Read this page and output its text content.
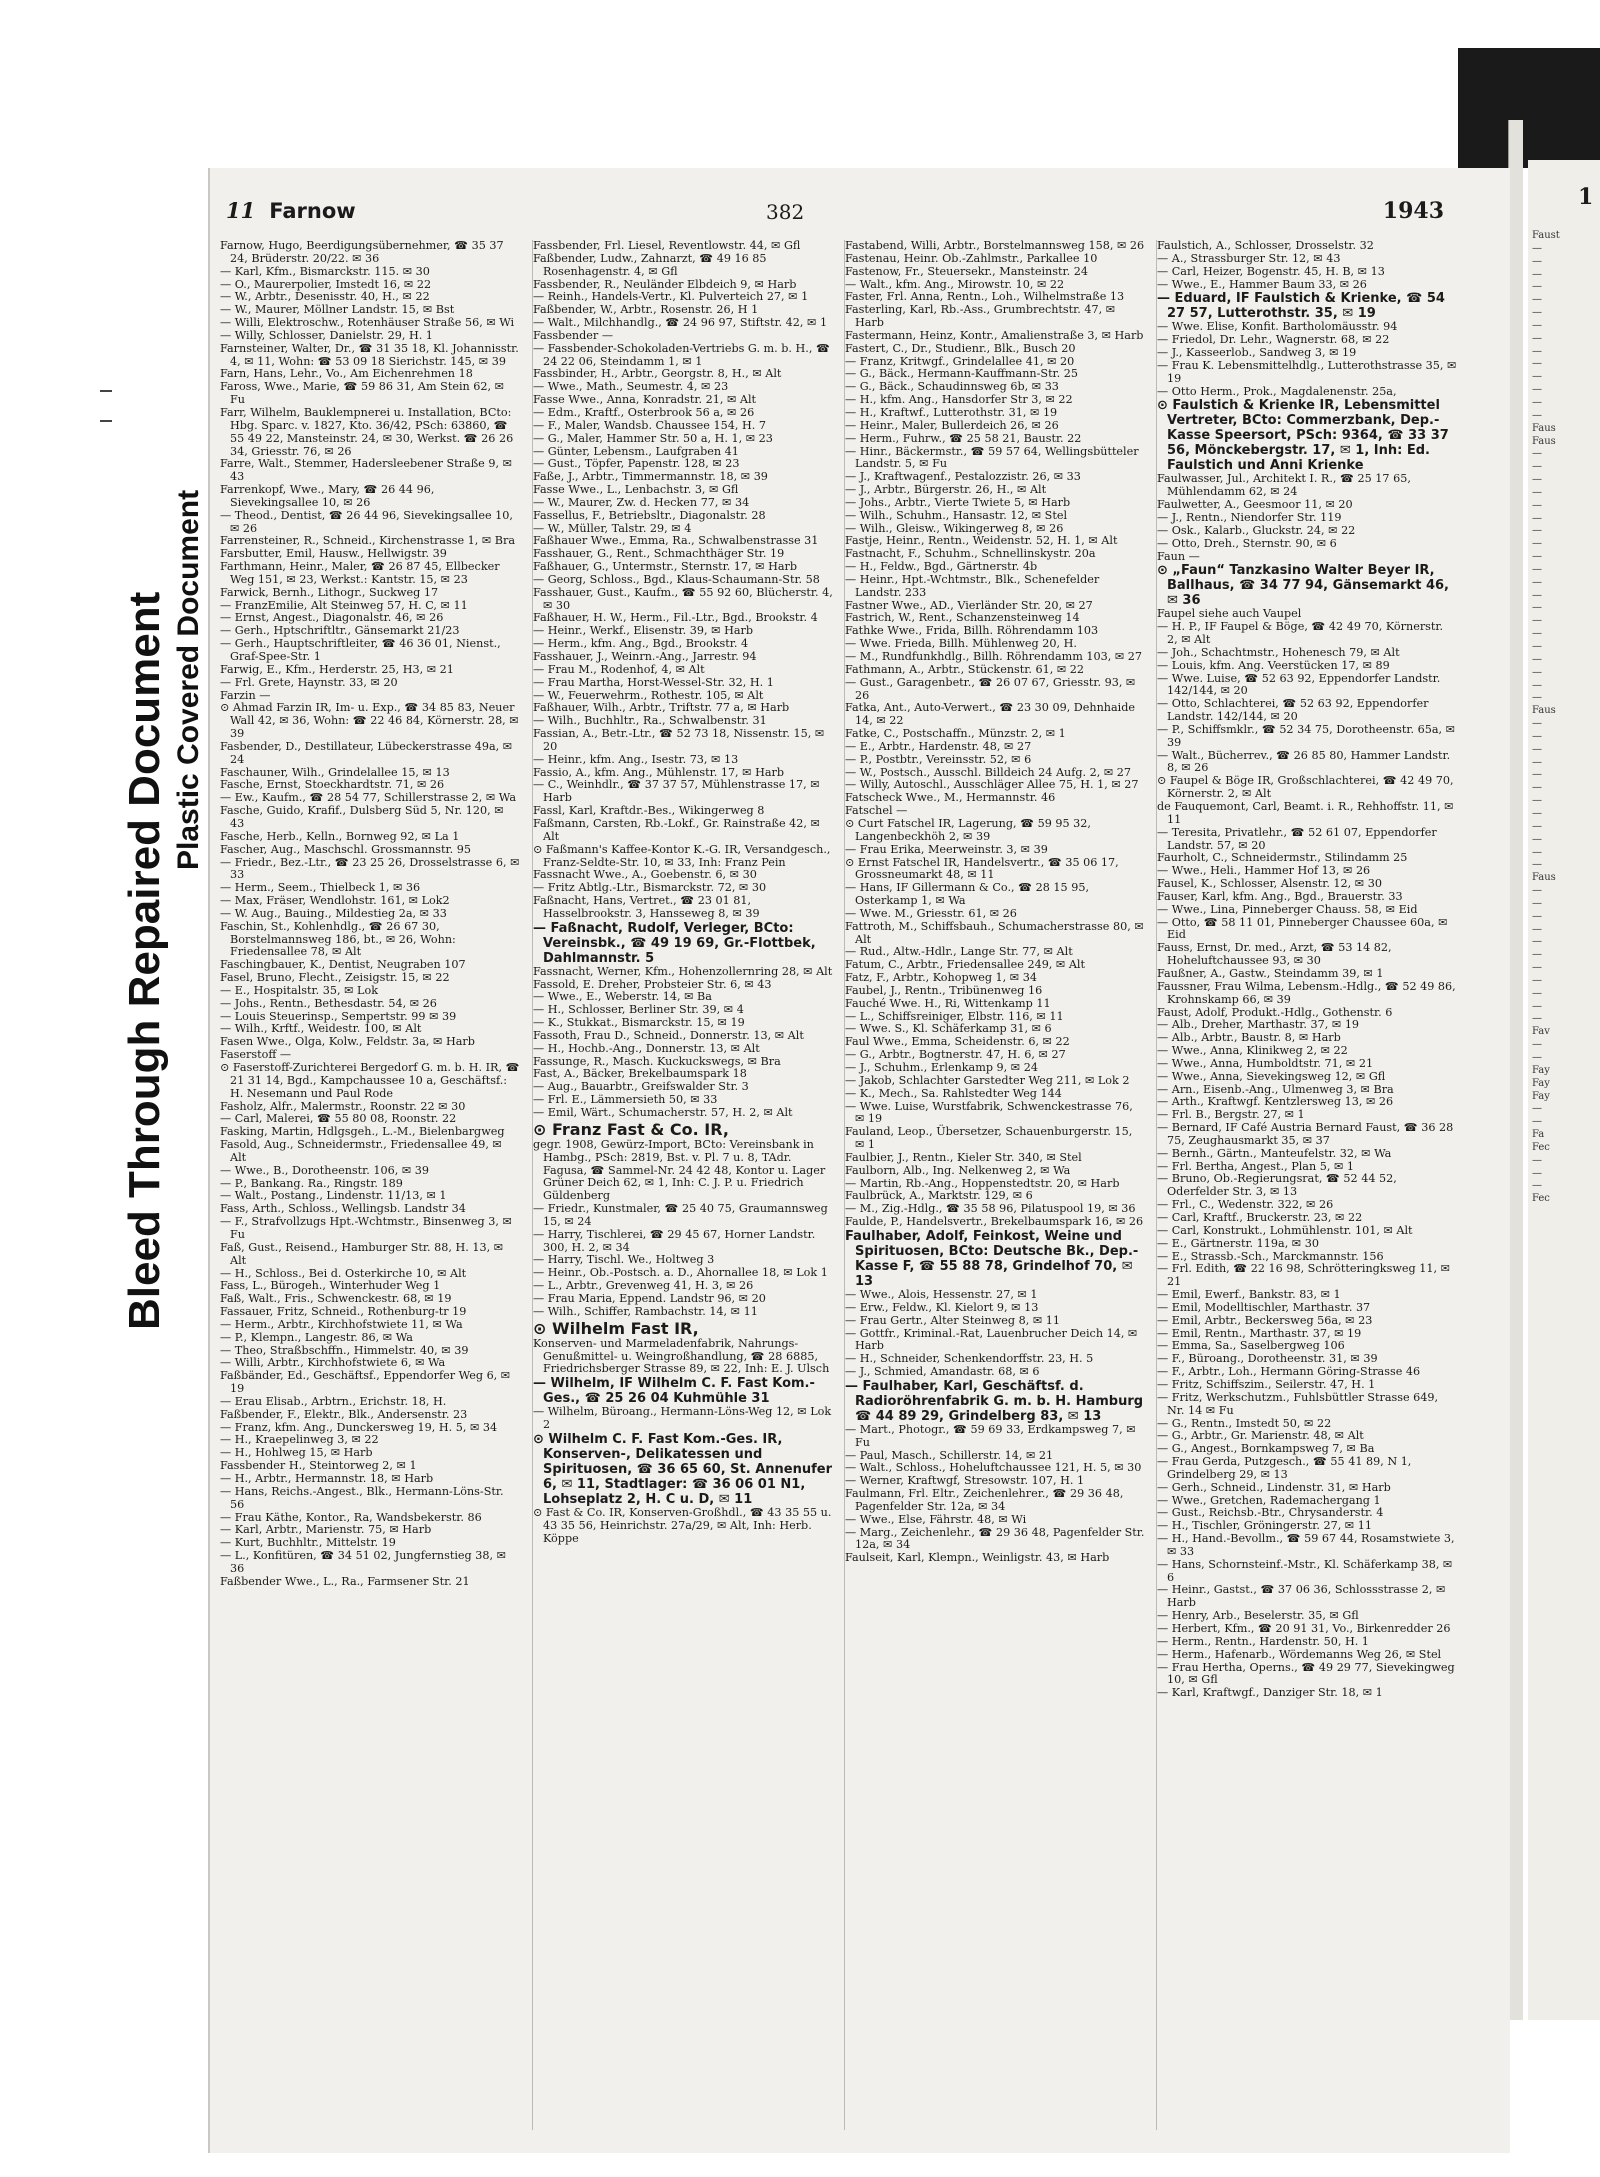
Bleed Through Repaired Document Plastic Covered Document
Faust
—
—
—
—
—
—
—
—
—
—
—
—
—
—
Faus
Faus
—
—
—
—
—
—
—
—
—
—
—
—
—
—
—
—
—
—
—
—
Faus
—
—
—
—
—
—
—
—
—
—
—
—
Faus
—
—
—
—
—
—
—
—
—
—
—
Fav
—
—
Fay
Fay
Fay
—
—
Fa
Fec
—
—
—
Fec
1
11 Farnow	382	1943

Farnow, Hugo, Beerdigungsübernehmer, ☎ 35 37 24, Brüderstr. 20/22. ✉ 36

— Karl, Kfm., Bismarckstr. 115. ✉ 30

— O., Maurerpolier, Imstedt 16, ✉ 22

— W., Arbtr., Desenisstr. 40, H., ✉ 22

— W., Maurer, Möllner Landstr. 15, ✉ Bst

— Willi, Elektroschw., Rotenhäuser Straße 56, ✉ Wi

— Willy, Schlosser, Danielstr. 29, H. 1

Farnsteiner, Walter, Dr., ☎ 31 35 18, Kl. Johannisstr. 4, ✉ 11, Wohn: ☎ 53 09 18 Sierichstr. 145, ✉ 39

Farn, Hans, Lehr., Vo., Am Eichenrehmen 18

Faross, Wwe., Marie, ☎ 59 86 31, Am Stein 62, ✉ Fu

Farr, Wilhelm, Bauklempnerei u. Installation, BCto: Hbg. Sparc. v. 1827, Kto. 36/42, PSch: 63860, ☎ 55 49 22, Mansteinstr. 24, ✉ 30, Werkst. ☎ 26 26 34, Griesstr. 76, ✉ 26

Farre, Walt., Stemmer, Hadersleebener Straße 9, ✉ 43

Farrenkopf, Wwe., Mary, ☎ 26 44 96, Sievekingsallee 10, ✉ 26

— Theod., Dentist, ☎ 26 44 96, Sievekingsallee 10, ✉ 26

Farrensteiner, R., Schneid., Kirchenstrasse 1, ✉ Bra

Farsbutter, Emil, Hausw., Hellwigstr. 39

Farthmann, Heinr., Maler, ☎ 26 87 45, Ellbecker Weg 151, ✉ 23, Werkst.: Kantstr. 15, ✉ 23

Farwick, Bernh., Lithogr., Suckweg 17

— FranzEmilie, Alt Steinweg 57, H. C, ✉ 11

— Ernst, Angest., Diagonalstr. 46, ✉ 26

— Gerh., Hptschriftltr., Gänsemarkt 21/23

— Gerh., Hauptschriftleiter, ☎ 46 36 01, Nienst., Graf-Spee-Str. 1

Farwig, E., Kfm., Herderstr. 25, H3, ✉ 21

— Frl. Grete, Haynstr. 33, ✉ 20

Farzin —

⊙ Ahmad Farzin IR, Im- u. Exp., ☎ 34 85 83, Neuer Wall 42, ✉ 36, Wohn: ☎ 22 46 84, Körnerstr. 28, ✉ 39

Fasbender, D., Destillateur, Lübeckerstrasse 49a, ✉ 24

Faschauner, Wilh., Grindelallee 15, ✉ 13

Fasche, Ernst, Stoeckhardtstr. 71, ✉ 26

— Ew., Kaufm., ☎ 28 54 77, Schillerstrasse 2, ✉ Wa

Fasche, Guido, Krafif., Dulsberg Süd 5, Nr. 120, ✉ 43

Fasche, Herb., Kelln., Bornweg 92, ✉ La 1

Fascher, Aug., Maschschl. Grossmannstr. 95

— Friedr., Bez.-Ltr., ☎ 23 25 26, Drosselstrasse 6, ✉ 33

— Herm., Seem., Thielbeck 1, ✉ 36

— Max, Fräser, Wendlohstr. 161, ✉ Lok2

— W. Aug., Bauing., Mildestieg 2a, ✉ 33

Faschin, St., Kohlenhdlg., ☎ 26 67 30, Borstelmannsweg 186, bt., ✉ 26, Wohn: Friedensallee 78, ✉ Alt

Faschingbauer, K., Dentist, Neugraben 107

Fasel, Bruno, Flecht., Zeisigstr. 15, ✉ 22

— E., Hospitalstr. 35, ✉ Lok

— Johs., Rentn., Bethesdastr. 54, ✉ 26

— Louis Steuerinsp., Sempertstr. 99 ✉ 39

— Wilh., Krftf., Weidestr. 100, ✉ Alt

Fasen Wwe., Olga, Kolw., Feldstr. 3a, ✉ Harb

Faserstoff —

⊙ Faserstoff-Zurichterei Bergedorf G. m. b. H. IR, ☎ 21 31 14, Bgd., Kampchaussee 10 a, Geschäftsf.: H. Nesemann und Paul Rode

Fasholz, Alfr., Malermstr., Roonstr. 22 ✉ 30

— Carl, Malerei, ☎ 55 80 08, Roonstr. 22

Fasking, Martin, Hdlgsgeh., L.-M., Bielenbargweg

Fasold, Aug., Schneidermstr., Friedensallee 49, ✉ Alt

— Wwe., B., Dorotheenstr. 106, ✉ 39

— P., Bankang. Ra., Ringstr. 189

— Walt., Postang., Lindenstr. 11/13, ✉ 1

Fass, Arth., Schloss., Wellingsb. Landstr 34

— F., Strafvollzugs Hpt.-Wchtmstr., Binsenweg 3, ✉ Fu

Faß, Gust., Reisend., Hamburger Str. 88, H. 13, ✉ Alt

— H., Schloss., Bei d. Osterkirche 10, ✉ Alt

Fass, L., Bürogeh., Winterhuder Weg 1

Faß, Walt., Fris., Schwenckestr. 68, ✉ 19

Fassauer, Fritz, Schneid., Rothenburg-tr 19

— Herm., Arbtr., Kirchhofstwiete 11, ✉ Wa

— P., Klempn., Langestr. 86, ✉ Wa

— Theo, Straßbschffn., Himmelstr. 40, ✉ 39

— Willi, Arbtr., Kirchhofstwiete 6, ✉ Wa

Faßbänder, Ed., Geschäftsf., Eppendorfer Weg 6, ✉ 19

— Erau Elisab., Arbtrn., Erichstr. 18, H.

Faßbender, F., Elektr., Blk., Andersenstr. 23

— Franz, kfm. Ang., Dunckersweg 19, H. 5, ✉ 34

— H., Kraepelinweg 3, ✉ 22

— H., Hohlweg 15, ✉ Harb

Fassbender H., Steintorweg 2, ✉ 1

— H., Arbtr., Hermannstr. 18, ✉ Harb

— Hans, Reichs.-Angest., Blk., Hermann-Löns-Str. 56

— Frau Käthe, Kontor., Ra, Wandsbekerstr. 86

— Karl, Arbtr., Marienstr. 75, ✉ Harb

— Kurt, Buchhltr., Mittelstr. 19

— L., Konfitüren, ☎ 34 51 02, Jungfernstieg 38, ✉ 36

Faßbender Wwe., L., Ra., Farmsener Str. 21

Fassbender, Frl. Liesel, Reventlowstr. 44, ✉ Gfl

Faßbender, Ludw., Zahnarzt, ☎ 49 16 85 Rosenhagenstr. 4, ✉ Gfl

Fassbender, R., Neuländer Elbdeich 9, ✉ Harb

— Reinh., Handels-Vertr., Kl. Pulverteich 27, ✉ 1

Faßbender, W., Arbtr., Rosenstr. 26, H 1

— Walt., Milchhandlg., ☎ 24 96 97, Stiftstr. 42, ✉ 1

Fassbender —

— Fassbender-Schokoladen-Vertriebs G. m. b. H., ☎ 24 22 06, Steindamm 1, ✉ 1

Fassbinder, H., Arbtr., Georgstr. 8, H., ✉ Alt

— Wwe., Math., Seumestr. 4, ✉ 23

Fasse Wwe., Anna, Konradstr. 21, ✉ Alt

— Edm., Kraftf., Osterbrook 56 a, ✉ 26

— F., Maler, Wandsb. Chaussee 154, H. 7

— G., Maler, Hammer Str. 50 a, H. 1, ✉ 23

— Günter, Lebensm., Laufgraben 41

— Gust., Töpfer, Papenstr. 128, ✉ 23

Faße, J., Arbtr., Timmermannstr. 18, ✉ 39

Fasse Wwe., L., Lenbachstr. 3, ✉ Gfl

— W., Maurer, Zw. d. Hecken 77, ✉ 34

Fassellus, F., Betriebsltr., Diagonalstr. 28

— W., Müller, Talstr. 29, ✉ 4

Faßhauer Wwe., Emma, Ra., Schwalbenstrasse 31

Fasshauer, G., Rent., Schmachthäger Str. 19

Faßhauer, G., Untermstr., Sternstr. 17, ✉ Harb

— Georg, Schloss., Bgd., Klaus-Schaumann-Str. 58

Fasshauer, Gust., Kaufm., ☎ 55 92 60, Blücherstr. 4, ✉ 30

Faßhauer, H. W., Herm., Fil.-Ltr., Bgd., Brookstr. 4

— Heinr., Werkf., Elisenstr. 39, ✉ Harb

— Herm., kfm. Ang., Bgd., Brookstr. 4

Fasshauer, J., Weinrn.-Ang., Jarrestr. 94

— Frau M., Rodenhof, 4, ✉ Alt

— Frau Martha, Horst-Wessel-Str. 32, H. 1

— W., Feuerwehrm., Rothestr. 105, ✉ Alt

Faßhauer, Wilh., Arbtr., Triftstr. 77 a, ✉ Harb

— Wilh., Buchhltr., Ra., Schwalbenstr. 31

Fassian, A., Betr.-Ltr., ☎ 52 73 18, Nissenstr. 15, ✉ 20

— Heinr., kfm. Ang., Isestr. 73, ✉ 13

Fassio, A., kfm. Ang., Mühlenstr. 17, ✉ Harb

— C., Weinhdlr., ☎ 37 37 57, Mühlenstrasse 17, ✉ Harb

Fassl, Karl, Kraftdr.-Bes., Wikingerweg 8

Faßmann, Carsten, Rb.-Lokf., Gr. Rainstraße 42, ✉ Alt

⊙ Faßmann's Kaffee-Kontor K.-G. IR, Versandgesch., Franz-Seldte-Str. 10, ✉ 33, Inh: Franz Pein

Fassnacht Wwe., A., Goebenstr. 6, ✉ 30

— Fritz Abtlg.-Ltr., Bismarckstr. 72, ✉ 30

Faßnacht, Hans, Vertret., ☎ 23 01 81, Hasselbrookstr. 3, Hansseweg 8, ✉ 39

— Faßnacht, Rudolf, Verleger, BCto: Vereinsbk., ☎ 49 19 69, Gr.-Flottbek, Dahlmannstr. 5

Fassnacht, Werner, Kfm., Hohenzollernring 28, ✉ Alt

Fassold, E. Dreher, Probsteier Str. 6, ✉ 43

— Wwe., E., Weberstr. 14, ✉ Ba

— H., Schlosser, Berliner Str. 39, ✉ 4

— K., Stukkat., Bismarckstr. 15, ✉ 19

Fassoth, Frau D., Schneid., Donnerstr. 13, ✉ Alt

— H., Hochb.-Ang., Donnerstr. 13, ✉ Alt

Fassunge, R., Masch. Kuckuckswegs, ✉ Bra

Fast, A., Bäcker, Brekelbaumspark 18

— Aug., Bauarbtr., Greifswalder Str. 3

— Frl. E., Lämmersieth 50, ✉ 33

— Emil, Wärt., Schumacherstr. 57, H. 2, ✉ Alt

⊙ Franz Fast & Co. IR,

gegr. 1908, Gewürz-Import, BCto: Vereinsbank in Hambg., PSch: 2819, Bst. v. Pl. 7 u. 8, TAdr. Fagusa, ☎ Sammel-Nr. 24 42 48, Kontor u. Lager Grüner Deich 62, ✉ 1, Inh: C. J. P. u. Friedrich Güldenberg

— Friedr., Kunstmaler, ☎ 25 40 75, Graumannsweg 15, ✉ 24

— Harry, Tischlerei, ☎ 29 45 67, Horner Landstr. 300, H. 2, ✉ 34

— Harry, Tischl. We., Holtweg 3

— Heinr., Ob.-Postsch. a. D., Ahornallee 18, ✉ Lok 1

— L., Arbtr., Grevenweg 41, H. 3, ✉ 26

— Frau Maria, Eppend. Landstr 96, ✉ 20

— Wilh., Schiffer, Rambachstr. 14, ✉ 11

⊙ Wilhelm Fast IR,

Konserven- und Marmeladenfabrik, Nahrungs-Genußmittel- u. Weingroßhandlung, ☎ 28 6885, Friedrichsberger Strasse 89, ✉ 22, Inh: E. J. Ulsch

— Wilhelm, IF Wilhelm C. F. Fast Kom.-Ges., ☎ 25 26 04 Kuhmühle 31

— Wilhelm, Büroang., Hermann-Löns-Weg 12, ✉ Lok 2

⊙ Wilhelm C. F. Fast Kom.-Ges. IR, Konserven-, Delikatessen und Spirituosen, ☎ 36 65 60, St. Annenufer 6, ✉ 11, Stadtlager: ☎ 36 06 01 N1, Lohseplatz 2, H. C u. D, ✉ 11

⊙ Fast & Co. IR, Konserven-Großhdl., ☎ 43 35 55 u. 43 35 56, Heinrichstr. 27a/29, ✉ Alt, Inh: Herb. Köppe

Fastabend, Willi, Arbtr., Borstelmannsweg 158, ✉ 26

Fastenau, Heinr. Ob.-Zahlmstr., Parkallee 10

Fastenow, Fr., Steuersekr., Mansteinstr. 24

— Walt., kfm. Ang., Mirowstr. 10, ✉ 22

Faster, Frl. Anna, Rentn., Loh., Wilhelmstraße 13

Fasterling, Karl, Rb.-Ass., Grumbrechtstr. 47, ✉ Harb

Fastermann, Heinz, Kontr., Amalienstraße 3, ✉ Harb

Fastert, C., Dr., Studienr., Blk., Busch 20

— Franz, Kritwgf., Grindelallee 41, ✉ 20

— G., Bäck., Hermann-Kauffmann-Str. 25

— G., Bäck., Schaudinnsweg 6b, ✉ 33

— H., kfm. Ang., Hansdorfer Str 3, ✉ 22

— H., Kraftwf., Lutterothstr. 31, ✉ 19

— Heinr., Maler, Bullerdeich 26, ✉ 26

— Herm., Fuhrw., ☎ 25 58 21, Baustr. 22

— Hinr., Bäckermstr., ☎ 59 57 64, Wellingsbütteler Landstr. 5, ✉ Fu

— J., Kraftwagenf., Pestalozzistr. 26, ✉ 33

— J., Arbtr., Bürgerstr. 26, H., ✉ Alt

— Johs., Arbtr., Vierte Twiete 5, ✉ Harb

— Wilh., Schuhm., Hansastr. 12, ✉ Stel

— Wilh., Gleisw., Wikingerweg 8, ✉ 26

Fastje, Heinr., Rentn., Weidenstr. 52, H. 1, ✉ Alt

Fastnacht, F., Schuhm., Schnellinskystr. 20a

— H., Feldw., Bgd., Gärtnerstr. 4b

— Heinr., Hpt.-Wchtmstr., Blk., Schenefelder Landstr. 233

Fastner Wwe., AD., Vierländer Str. 20, ✉ 27

Fastrich, W., Rent., Schanzensteinweg 14

Fathke Wwe., Frida, Billh. Röhrendamm 103

— Wwe. Frieda, Billh. Mühlenweg 20, H.

— M., Rundfunkhdlg., Billh. Röhrendamm 103, ✉ 27

Fathmann, A., Arbtr., Stückenstr. 61, ✉ 22

— Gust., Garagenbetr., ☎ 26 07 67, Griesstr. 93, ✉ 26

Fatka, Ant., Auto-Verwert., ☎ 23 30 09, Dehnhaide 14, ✉ 22

Fatke, C., Postschaffn., Münzstr. 2, ✉ 1

— E., Arbtr., Hardenstr. 48, ✉ 27

— P., Postbtr., Vereinsstr. 52, ✉ 6

— W., Postsch., Ausschl. Billdeich 24 Aufg. 2, ✉ 27

— Willy, Autoschl., Ausschläger Allee 75, H. 1, ✉ 27

Fatscheck Wwe., M., Hermannstr. 46

Fatschel —

⊙ Curt Fatschel IR, Lagerung, ☎ 59 95 32, Langenbeckhöh 2, ✉ 39

— Frau Erika, Meerweinstr. 3, ✉ 39

⊙ Ernst Fatschel IR, Handelsvertr., ☎ 35 06 17, Grossneumarkt 48, ✉ 11

— Hans, IF Gillermann & Co., ☎ 28 15 95, Osterkamp 1, ✉ Wa

— Wwe. M., Griesstr. 61, ✉ 26

Fattroth, M., Schiffsbauh., Schumacherstrasse 80, ✉ Alt

— Rud., Altw.-Hdlr., Lange Str. 77, ✉ Alt

Fatum, C., Arbtr., Friedensallee 249, ✉ Alt

Fatz, F., Arbtr., Kohopweg 1, ✉ 34

Faubel, J., Rentn., Tribünenweg 16

Fauché Wwe. H., Ri, Wittenkamp 11

— L., Schiffsreiniger, Elbstr. 116, ✉ 11

— Wwe. S., Kl. Schäferkamp 31, ✉ 6

Faul Wwe., Emma, Scheidenstr. 6, ✉ 22

— G., Arbtr., Bogtnerstr. 47, H. 6, ✉ 27

— J., Schuhm., Erlenkamp 9, ✉ 24

— Jakob, Schlachter Garstedter Weg 211, ✉ Lok 2

— K., Mech., Sa. Rahlstedter Weg 144

— Wwe. Luise, Wurstfabrik, Schwenckestrasse 76, ✉ 19

Fauland, Leop., Übersetzer, Schauenburgerstr. 15, ✉ 1

Faulbier, J., Rentn., Kieler Str. 340, ✉ Stel

Faulborn, Alb., Ing. Nelkenweg 2, ✉ Wa

— Martin, Rb.-Ang., Hoppenstedtstr. 20, ✉ Harb

Faulbrück, A., Marktstr. 129, ✉ 6

— M., Zig.-Hdlg., ☎ 35 58 96, Pilatuspool 19, ✉ 36

Faulde, P., Handelsvertr., Brekelbaumspark 16, ✉ 26

Faulhaber, Adolf, Feinkost, Weine und Spirituosen, BCto: Deutsche Bk., Dep.-Kasse F, ☎ 55 88 78, Grindelhof 70, ✉ 13

— Wwe., Alois, Hessenstr. 27, ✉ 1

— Erw., Feldw., Kl. Kielort 9, ✉ 13

— Frau Gertr., Alter Steinweg 8, ✉ 11

— Gottfr., Kriminal.-Rat, Lauenbrucher Deich 14, ✉ Harb

— H., Schneider, Schenkendorffstr. 23, H. 5

— J., Schmied, Amandastr. 68, ✉ 6

— Faulhaber, Karl, Geschäftsf. d. Radioröhrenfabrik G. m. b. H. Hamburg ☎ 44 89 29, Grindelberg 83, ✉ 13

— Mart., Photogr., ☎ 59 69 33, Erdkampsweg 7, ✉ Fu

— Paul, Masch., Schillerstr. 14, ✉ 21

— Walt., Schloss., Hoheluftchaussee 121, H. 5, ✉ 30

— Werner, Kraftwgf, Stresowstr. 107, H. 1

Faulmann, Frl. Eltr., Zeichenlehrer., ☎ 29 36 48, Pagenfelder Str. 12a, ✉ 34

— Wwe., Else, Fährstr. 48, ✉ Wi

— Marg., Zeichenlehr., ☎ 29 36 48, Pagenfelder Str. 12a, ✉ 34

Faulseit, Karl, Klempn., Weinligstr. 43, ✉ Harb

Faulstich, A., Schlosser, Drosselstr. 32

— A., Strassburger Str. 12, ✉ 43

— Carl, Heizer, Bogenstr. 45, H. B, ✉ 13

— Wwe., E., Hammer Baum 33, ✉ 26

— Eduard, IF Faulstich & Krienke, ☎ 54 27 57, Lutterothstr. 35, ✉ 19

— Wwe. Elise, Konfit. Bartholomäusstr. 94

— Friedol, Dr. Lehr., Wagnerstr. 68, ✉ 22

— J., Kasseerlob., Sandweg 3, ✉ 19

— Frau K. Lebensmittelhdlg., Lutterothstrasse 35, ✉ 19

— Otto Herm., Prok., Magdalenenstr. 25a,

⊙ Faulstich & Krienke IR, Lebensmittel Vertreter, BCto: Commerzbank, Dep.-Kasse Speersort, PSch: 9364, ☎ 33 37 56, Mönckebergstr. 17, ✉ 1, Inh: Ed. Faulstich und Anni Krienke

Faulwasser, Jul., Architekt I. R., ☎ 25 17 65, Mühlendamm 62, ✉ 24

Faulwetter, A., Geesmoor 11, ✉ 20

— J., Rentn., Niendorfer Str. 119

— Osk., Kalarb., Gluckstr. 24, ✉ 22

— Otto, Dreh., Sternstr. 90, ✉ 6

Faun —

⊙ „Faun“ Tanzkasino Walter Beyer IR, Ballhaus, ☎ 34 77 94, Gänsemarkt 46, ✉ 36

Faupel siehe auch Vaupel

— H. P., IF Faupel & Böge, ☎ 42 49 70, Körnerstr. 2, ✉ Alt

— Joh., Schachtmstr., Hohenesch 79, ✉ Alt

— Louis, kfm. Ang. Veerstücken 17, ✉ 89

— Wwe. Luise, ☎ 52 63 92, Eppendorfer Landstr. 142/144, ✉ 20

— Otto, Schlachterei, ☎ 52 63 92, Eppendorfer Landstr. 142/144, ✉ 20

— P., Schiffsmklr., ☎ 52 34 75, Dorotheenstr. 65a, ✉ 39

— Walt., Bücherrev., ☎ 26 85 80, Hammer Landstr. 8, ✉ 26

⊙ Faupel & Böge IR, Großschlachterei, ☎ 42 49 70, Körnerstr. 2, ✉ Alt

de Fauquemont, Carl, Beamt. i. R., Rehhoffstr. 11, ✉ 11

— Teresita, Privatlehr., ☎ 52 61 07, Eppendorfer Landstr. 57, ✉ 20

Faurholt, C., Schneidermstr., Stilindamm 25

— Wwe., Heli., Hammer Hof 13, ✉ 26

Fausel, K., Schlosser, Alsenstr. 12, ✉ 30

Fauser, Karl, kfm. Ang., Bgd., Brauerstr. 33

— Wwe., Lina, Pinneberger Chauss. 58, ✉ Eid

— Otto, ☎ 58 11 01, Pinneberger Chaussee 60a, ✉ Eid

Fauss, Ernst, Dr. med., Arzt, ☎ 53 14 82, Hoheluftchaussee 93, ✉ 30

Faußner, A., Gastw., Steindamm 39, ✉ 1

Faussner, Frau Wilma, Lebensm.-Hdlg., ☎ 52 49 86, Krohnskamp 66, ✉ 39

Faust, Adolf, Produkt.-Hdlg., Gothenstr. 6

— Alb., Dreher, Marthastr. 37, ✉ 19

— Alb., Arbtr., Baustr. 8, ✉ Harb

— Wwe., Anna, Klinikweg 2, ✉ 22

— Wwe., Anna, Humboldtstr. 71, ✉ 21

— Wwe., Anna, Sievekingsweg 12, ✉ Gfl

— Arn., Eisenb.-Ang., Ulmenweg 3, ✉ Bra

— Arth., Kraftwgf. Kentzlersweg 13, ✉ 26

— Frl. B., Bergstr. 27, ✉ 1

— Bernard, IF Café Austria Bernard Faust, ☎ 36 28 75, Zeughausmarkt 35, ✉ 37

— Bernh., Gärtn., Manteufelstr. 32, ✉ Wa

— Frl. Bertha, Angest., Plan 5, ✉ 1

— Bruno, Ob.-Regierungsrat, ☎ 52 44 52, Oderfelder Str. 3, ✉ 13

— Frl., C., Wedenstr. 322, ✉ 26

— Carl, Kraftf., Bruckerstr. 23, ✉ 22

— Carl, Konstrukt., Lohmühlenstr. 101, ✉ Alt

— E., Gärtnerstr. 119a, ✉ 30

— E., Strassb.-Sch., Marckmannstr. 156

— Frl. Edith, ☎ 22 16 98, Schrötteringksweg 11, ✉ 21

— Emil, Ewerf., Bankstr. 83, ✉ 1

— Emil, Modelltischler, Marthastr. 37

— Emil, Arbtr., Beckersweg 56a, ✉ 23

— Emil, Rentn., Marthastr. 37, ✉ 19

— Emma, Sa., Saselbergweg 106

— F., Büroang., Dorotheenstr. 31, ✉ 39

— F., Arbtr., Loh., Hermann Göring-Strasse 46

— Fritz, Schiffszim., Seilerstr. 47, H. 1

— Fritz, Werkschutzm., Fuhlsbüttler Strasse 649, Nr. 14 ✉ Fu

— G., Rentn., Imstedt 50, ✉ 22

— G., Arbtr., Gr. Marienstr. 48, ✉ Alt

— G., Angest., Bornkampsweg 7, ✉ Ba

— Frau Gerda, Putzgesch., ☎ 55 41 89, N 1, Grindelberg 29, ✉ 13

— Gerh., Schneid., Lindenstr. 31, ✉ Harb

— Wwe., Gretchen, Rademachergang 1

— Gust., Reichsb.-Btr., Chrysanderstr. 4

— H., Tischler, Gröningerstr. 27, ✉ 11

— H., Hand.-Bevollm., ☎ 59 67 44, Rosamstwiete 3, ✉ 33

— Hans, Schornsteinf.-Mstr., Kl. Schäferkamp 38, ✉ 6

— Heinr., Gastst., ☎ 37 06 36, Schlossstrasse 2, ✉ Harb

— Henry, Arb., Beselerstr. 35, ✉ Gfl

— Herbert, Kfm., ☎ 20 91 31, Vo., Birkenredder 26

— Herm., Rentn., Hardenstr. 50, H. 1

— Herm., Hafenarb., Wördemanns Weg 26, ✉ Stel

— Frau Hertha, Operns., ☎ 49 29 77, Sievekingweg 10, ✉ Gfl

— Karl, Kraftwgf., Danziger Str. 18, ✉ 1
